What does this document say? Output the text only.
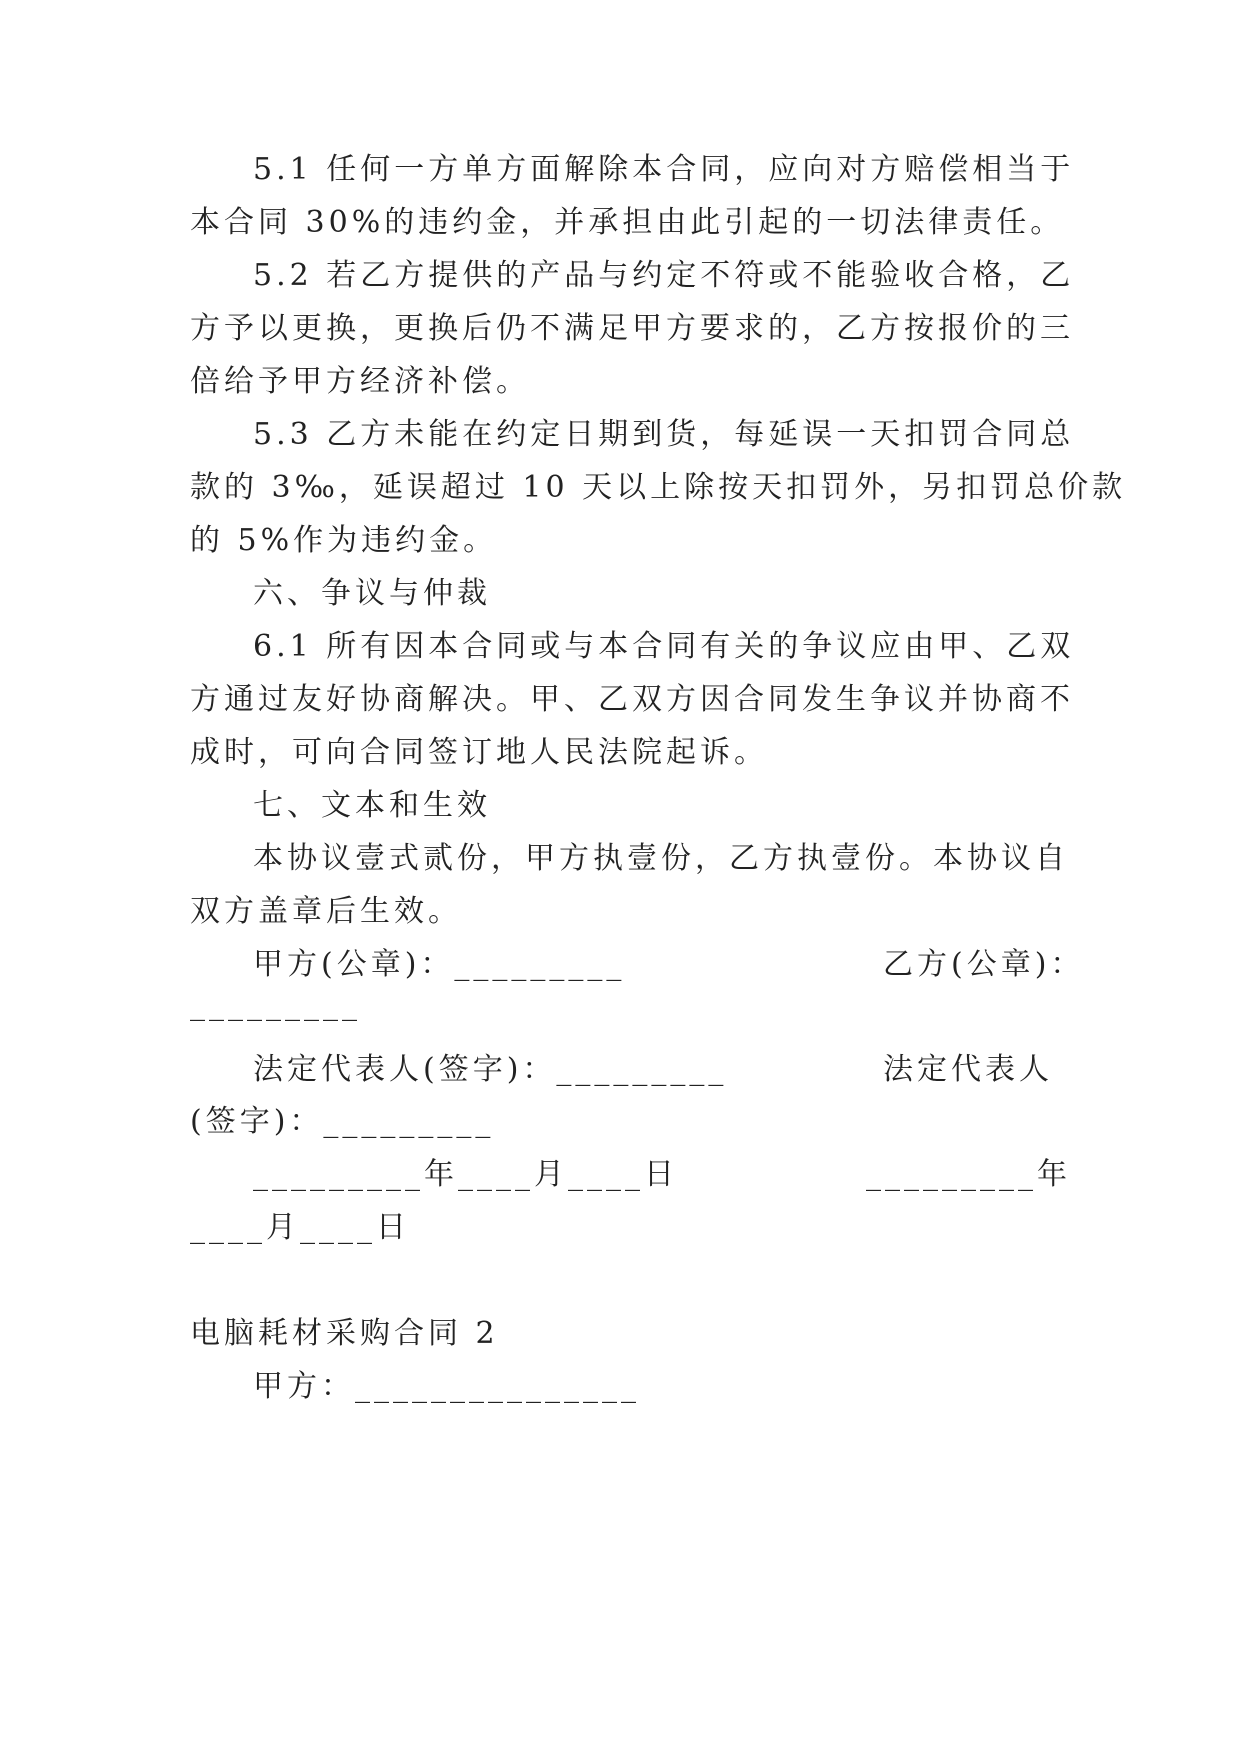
5.1 任何一方单方面解除本合同，应向对方赔偿相当于
本合同 30%的违约金，并承担由此引起的一切法律责任。
5.2 若乙方提供的产品与约定不符或不能验收合格，乙
方予以更换，更换后仍不满足甲方要求的，乙方按报价的三
倍给予甲方经济补偿。
5.3 乙方未能在约定日期到货，每延误一天扣罚合同总
款的 3‰，延误超过 10 天以上除按天扣罚外，另扣罚总价款
的 5%作为违约金。
六、争议与仲裁
6.1 所有因本合同或与本合同有关的争议应由甲、乙双
方通过友好协商解决。甲、乙双方因合同发生争议并协商不
成时，可向合同签订地人民法院起诉。
七、文本和生效
本协议壹式贰份，甲方执壹份，乙方执壹份。本协议自
双方盖章后生效。
甲方(公章)：_________	乙方(公章)：
_________
法定代表人(签字)：_________	法定代表人
(签字)：_________
_________年____月____日	_________年
____月____日
电脑耗材采购合同 2
甲方：_______________
